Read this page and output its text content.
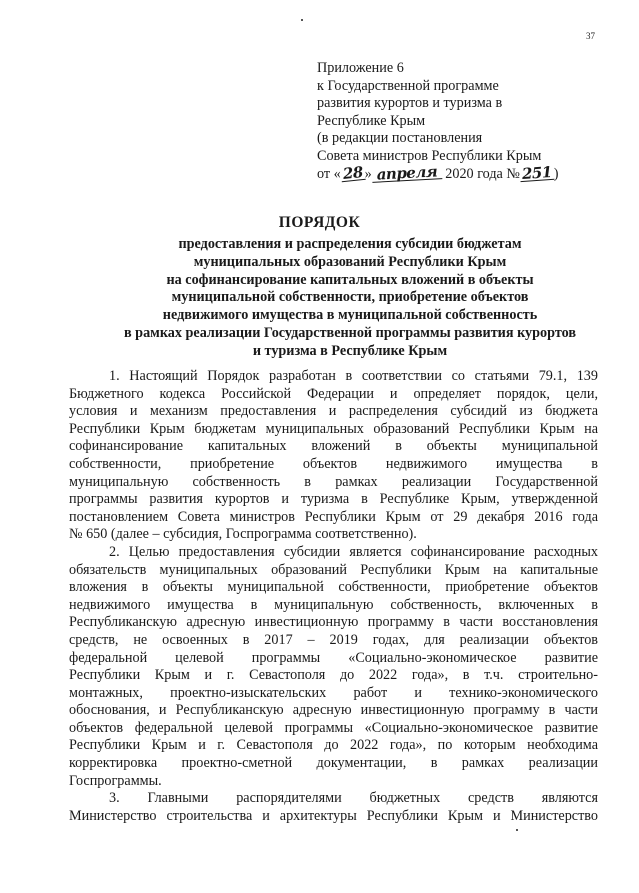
37
Приложение 6
к Государственной программе
развития курортов и туризма в
Республике Крым
(в редакции постановления
Совета министров Республики Крым
от «28» апреля 2020 года №251)
ПОРЯДОК
предоставления и распределения субсидии бюджетам
муниципальных образований Республики Крым
на софинансирование капитальных вложений в объекты
муниципальной собственности, приобретение объектов
недвижимого имущества в муниципальной собственность
в рамках реализации Государственной программы развития курортов
и туризма в Республике Крым
1. Настоящий Порядок разработан в соответствии со статьями 79.1, 139
Бюджетного кодекса Российской Федерации и определяет порядок, цели,
условия и механизм предоставления и распределения субсидий из бюджета
Республики Крым бюджетам муниципальных образований Республики Крым на
софинансирование капитальных вложений в объекты муниципальной
собственности, приобретение объектов недвижимого имущества в
муниципальную собственность в рамках реализации Государственной
программы развития курортов и туризма в Республике Крым, утвержденной
постановлением Совета министров Республики Крым от 29 декабря 2016 года
№ 650 (далее – субсидия, Госпрограмма соответственно).
2. Целью предоставления субсидии является софинансирование расходных
обязательств муниципальных образований Республики Крым на капитальные
вложения в объекты муниципальной собственности, приобретение объектов
недвижимого имущества в муниципальную собственность, включенных в
Республиканскую адресную инвестиционную программу в части восстановления
средств, не освоенных в 2017 – 2019 годах, для реализации объектов
федеральной целевой программы «Социально-экономическое развитие
Республики Крым и г. Севастополя до 2022 года», в т.ч. строительно-
монтажных, проектно-изыскательских работ и технико-экономического
обоснования, и Республиканскую адресную инвестиционную программу в части
объектов федеральной целевой программы «Социально-экономическое развитие
Республики Крым и г. Севастополя до 2022 года», по которым необходима
корректировка проектно-сметной документации, в рамках реализации
Госпрограммы.
3. Главными распорядителями бюджетных средств являются
Министерство строительства и архитектуры Республики Крым и Министерство
